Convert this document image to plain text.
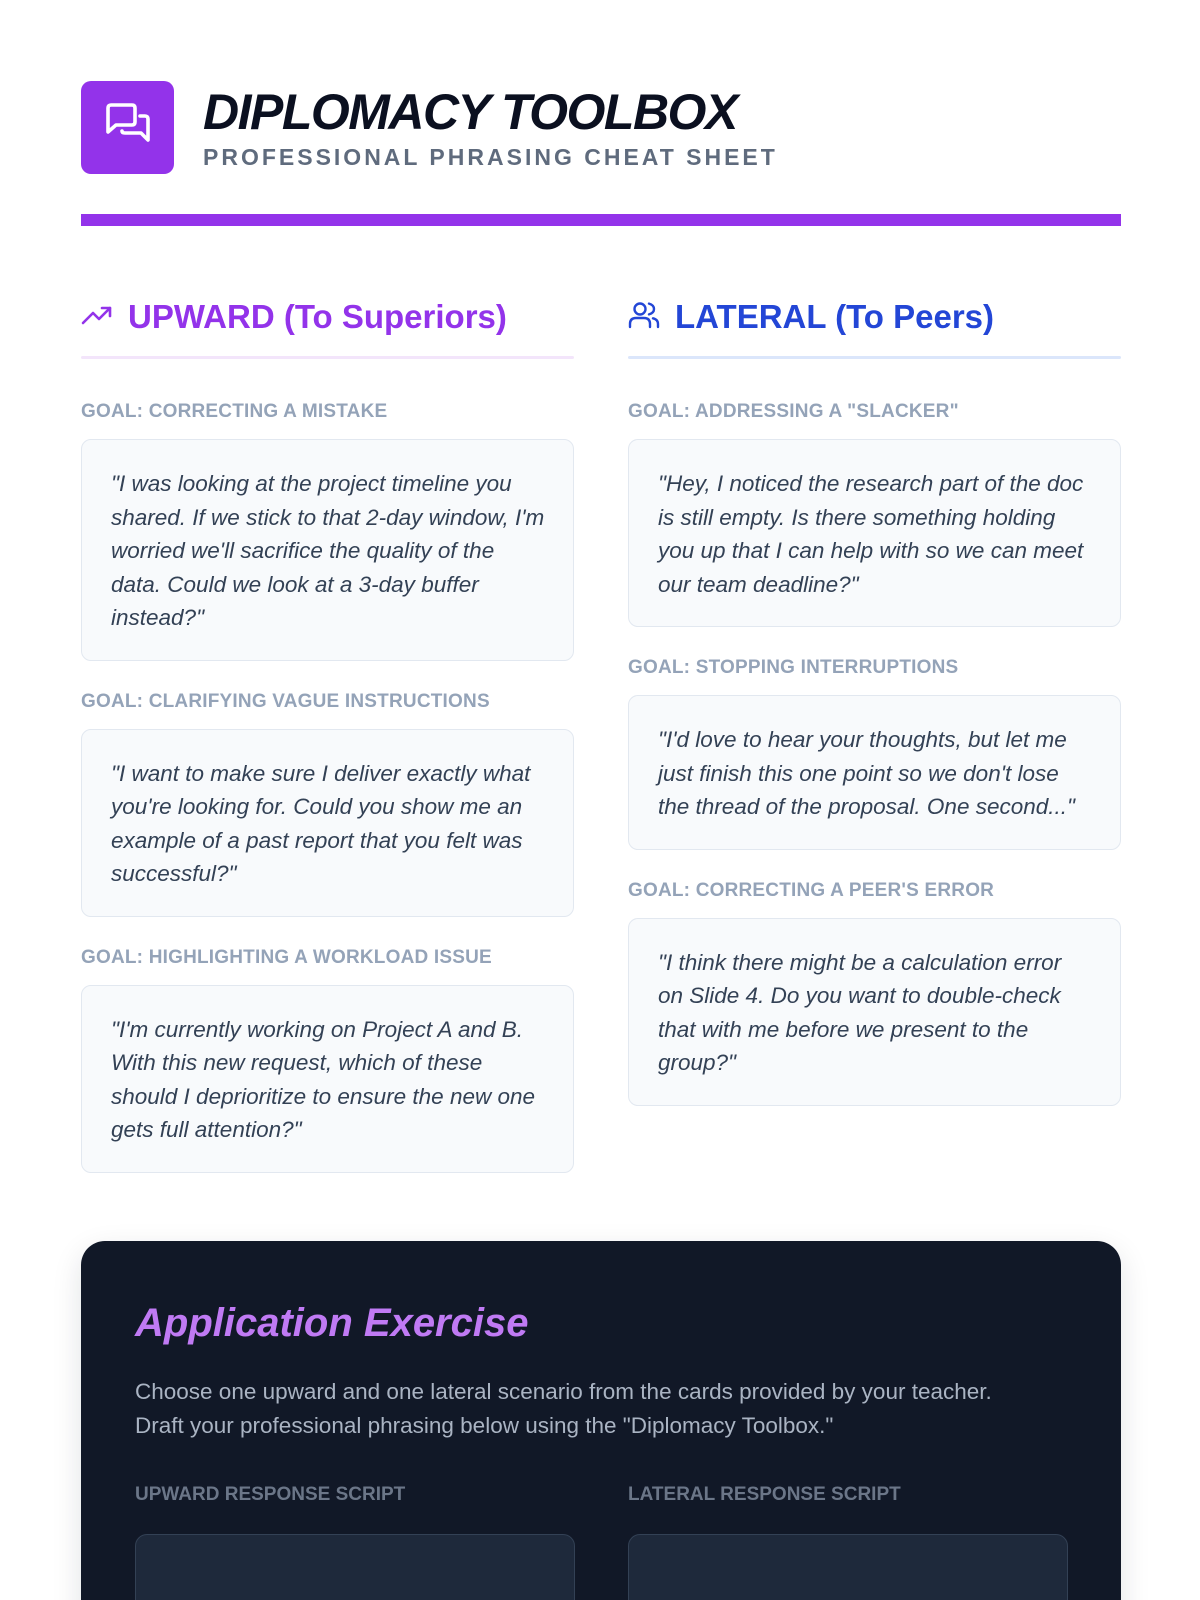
DIPLOMACY TOOLBOX
PROFESSIONAL PHRASING CHEAT SHEET
UPWARD (To Superiors)
GOAL: CORRECTING A MISTAKE
"I was looking at the project timeline you shared. If we stick to that 2-day window, I'm worried we'll sacrifice the quality of the data. Could we look at a 3-day buffer instead?"
GOAL: CLARIFYING VAGUE INSTRUCTIONS
"I want to make sure I deliver exactly what you're looking for. Could you show me an example of a past report that you felt was successful?"
GOAL: HIGHLIGHTING A WORKLOAD ISSUE
"I'm currently working on Project A and B. With this new request, which of these should I deprioritize to ensure the new one gets full attention?"
LATERAL (To Peers)
GOAL: ADDRESSING A "SLACKER"
"Hey, I noticed the research part of the doc is still empty. Is there something holding you up that I can help with so we can meet our team deadline?"
GOAL: STOPPING INTERRUPTIONS
"I'd love to hear your thoughts, but let me just finish this one point so we don't lose the thread of the proposal. One second..."
GOAL: CORRECTING A PEER'S ERROR
"I think there might be a calculation error on Slide 4. Do you want to double-check that with me before we present to the group?"
Application Exercise
Choose one upward and one lateral scenario from the cards provided by your teacher. Draft your professional phrasing below using the "Diplomacy Toolbox."
UPWARD RESPONSE SCRIPT	LATERAL RESPONSE SCRIPT
